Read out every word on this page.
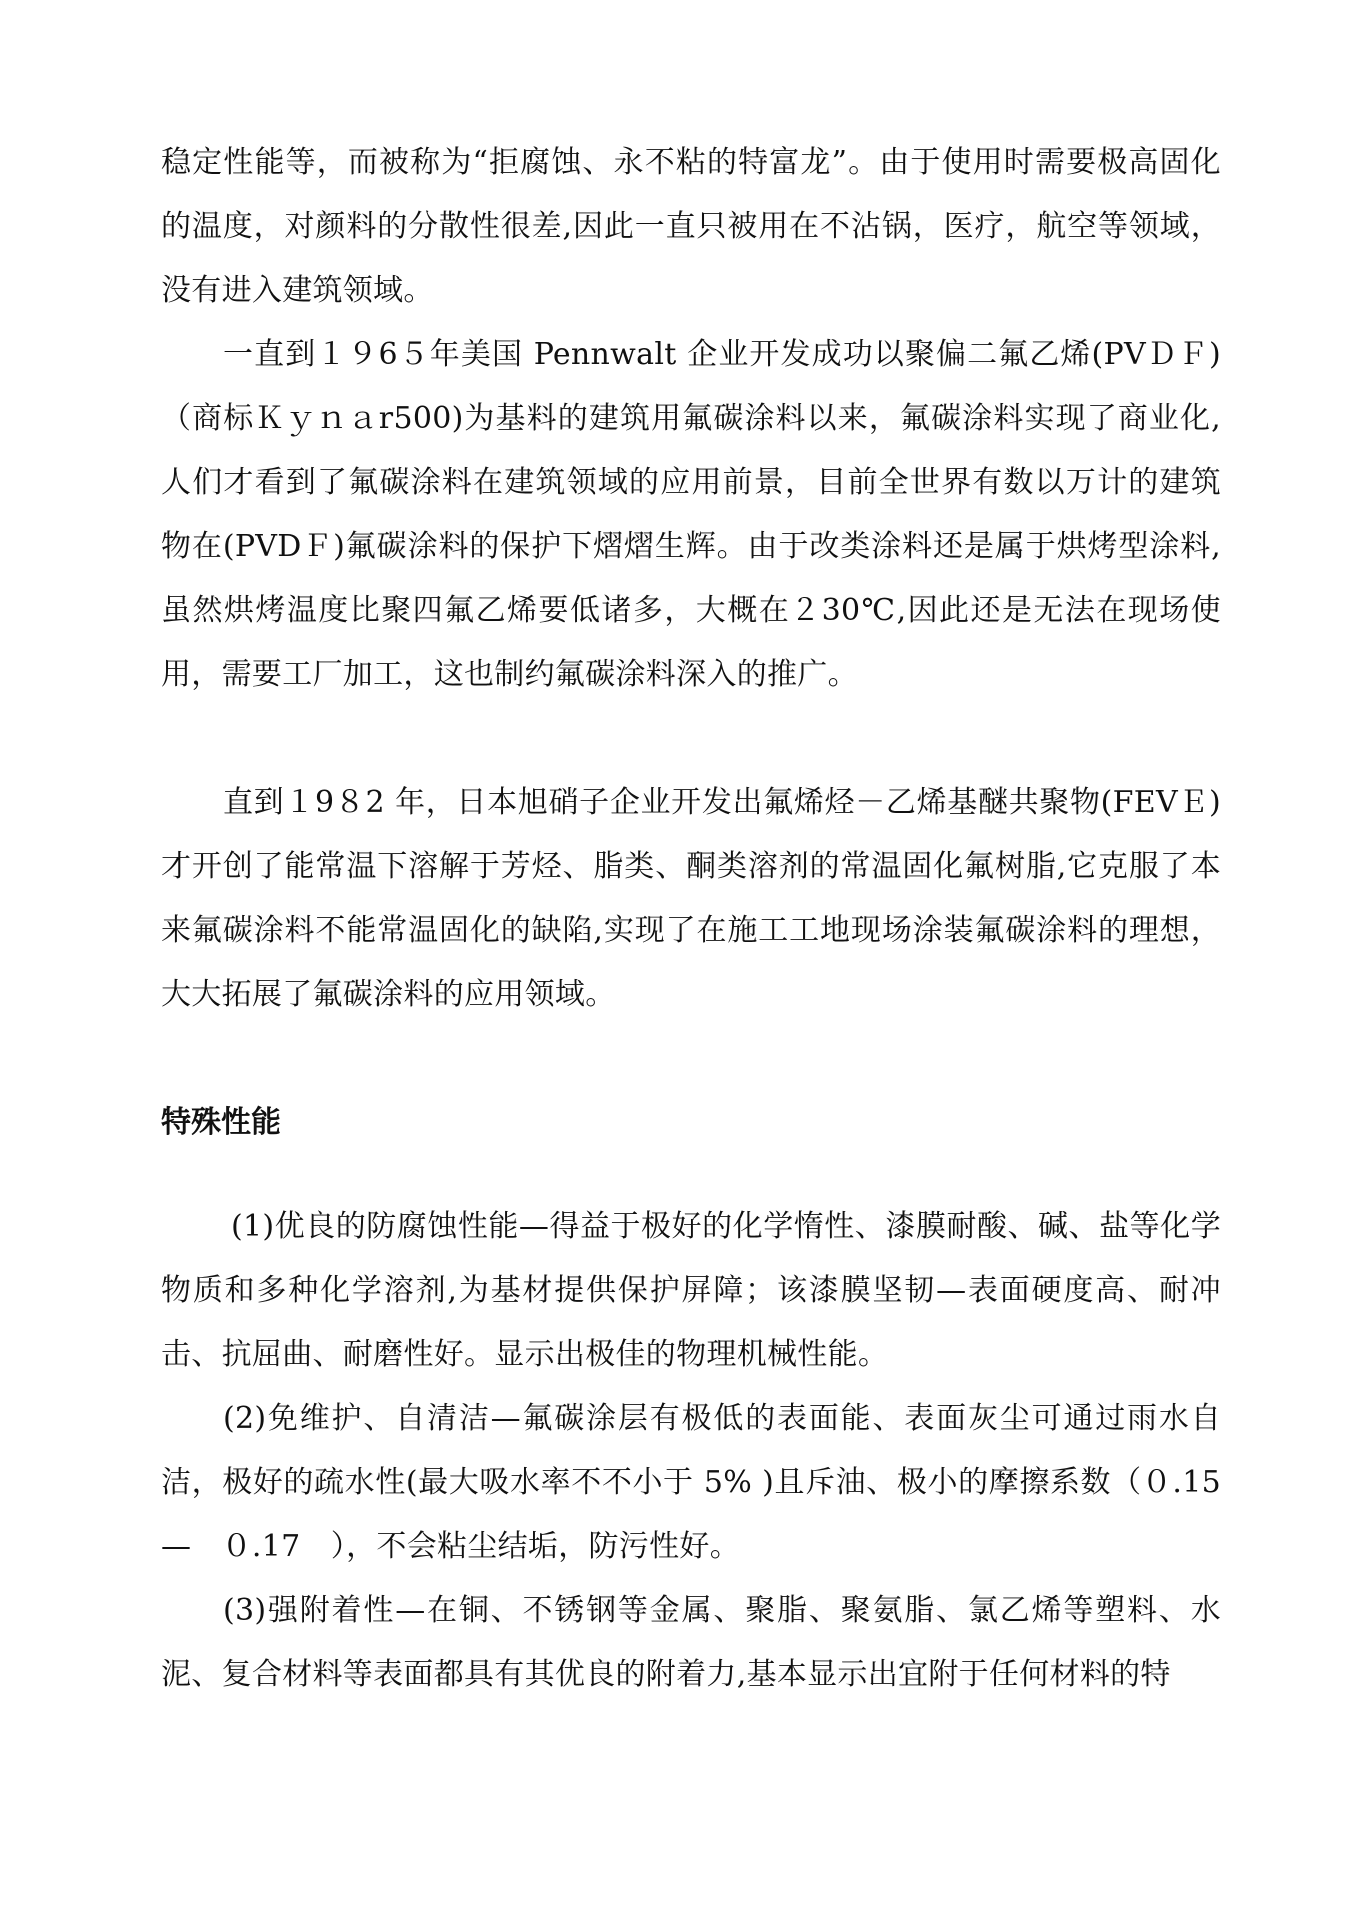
稳定性能等，而被称为“拒腐蚀、永不粘的特富龙”。由于使用时需要极高固化的温度，对颜料的分散性很差,因此一直只被用在不沾锅，医疗，航空等领域，没有进入建筑领域。

一直到１９6５年美国 Pennwalt 企业开发成功以聚偏二氟乙烯(PVＤＦ)（商标Ｋｙｎａr500)为基料的建筑用氟碳涂料以来，氟碳涂料实现了商业化,人们才看到了氟碳涂料在建筑领域的应用前景，目前全世界有数以万计的建筑物在(PVDＦ)氟碳涂料的保护下熠熠生辉。由于改类涂料还是属于烘烤型涂料,虽然烘烤温度比聚四氟乙烯要低诸多，大概在２30℃,因此还是无法在现场使用，需要工厂加工，这也制约氟碳涂料深入的推广。

直到１9８2 年，日本旭硝子企业开发出氟烯烃－乙烯基醚共聚物(FEVＥ)才开创了能常温下溶解于芳烃、脂类、酮类溶剂的常温固化氟树脂,它克服了本来氟碳涂料不能常温固化的缺陷,实现了在施工工地现场涂装氟碳涂料的理想，大大拓展了氟碳涂料的应用领域。

特殊性能

(1)优良的防腐蚀性能—得益于极好的化学惰性、漆膜耐酸、碱、盐等化学物质和多种化学溶剂,为基材提供保护屏障；该漆膜坚韧—表面硬度高、耐冲击、抗屈曲、耐磨性好。显示出极佳的物理机械性能。

(2)免维护、自清洁—氟碳涂层有极低的表面能、表面灰尘可通过雨水自洁，极好的疏水性(最大吸水率不不小于 5% )且斥油、极小的摩擦系数（０.15 —　０.17　），不会粘尘结垢，防污性好。

(3)强附着性—在铜、不锈钢等金属、聚脂、聚氨脂、氯乙烯等塑料、水泥、复合材料等表面都具有其优良的附着力,基本显示出宜附于任何材料的特
